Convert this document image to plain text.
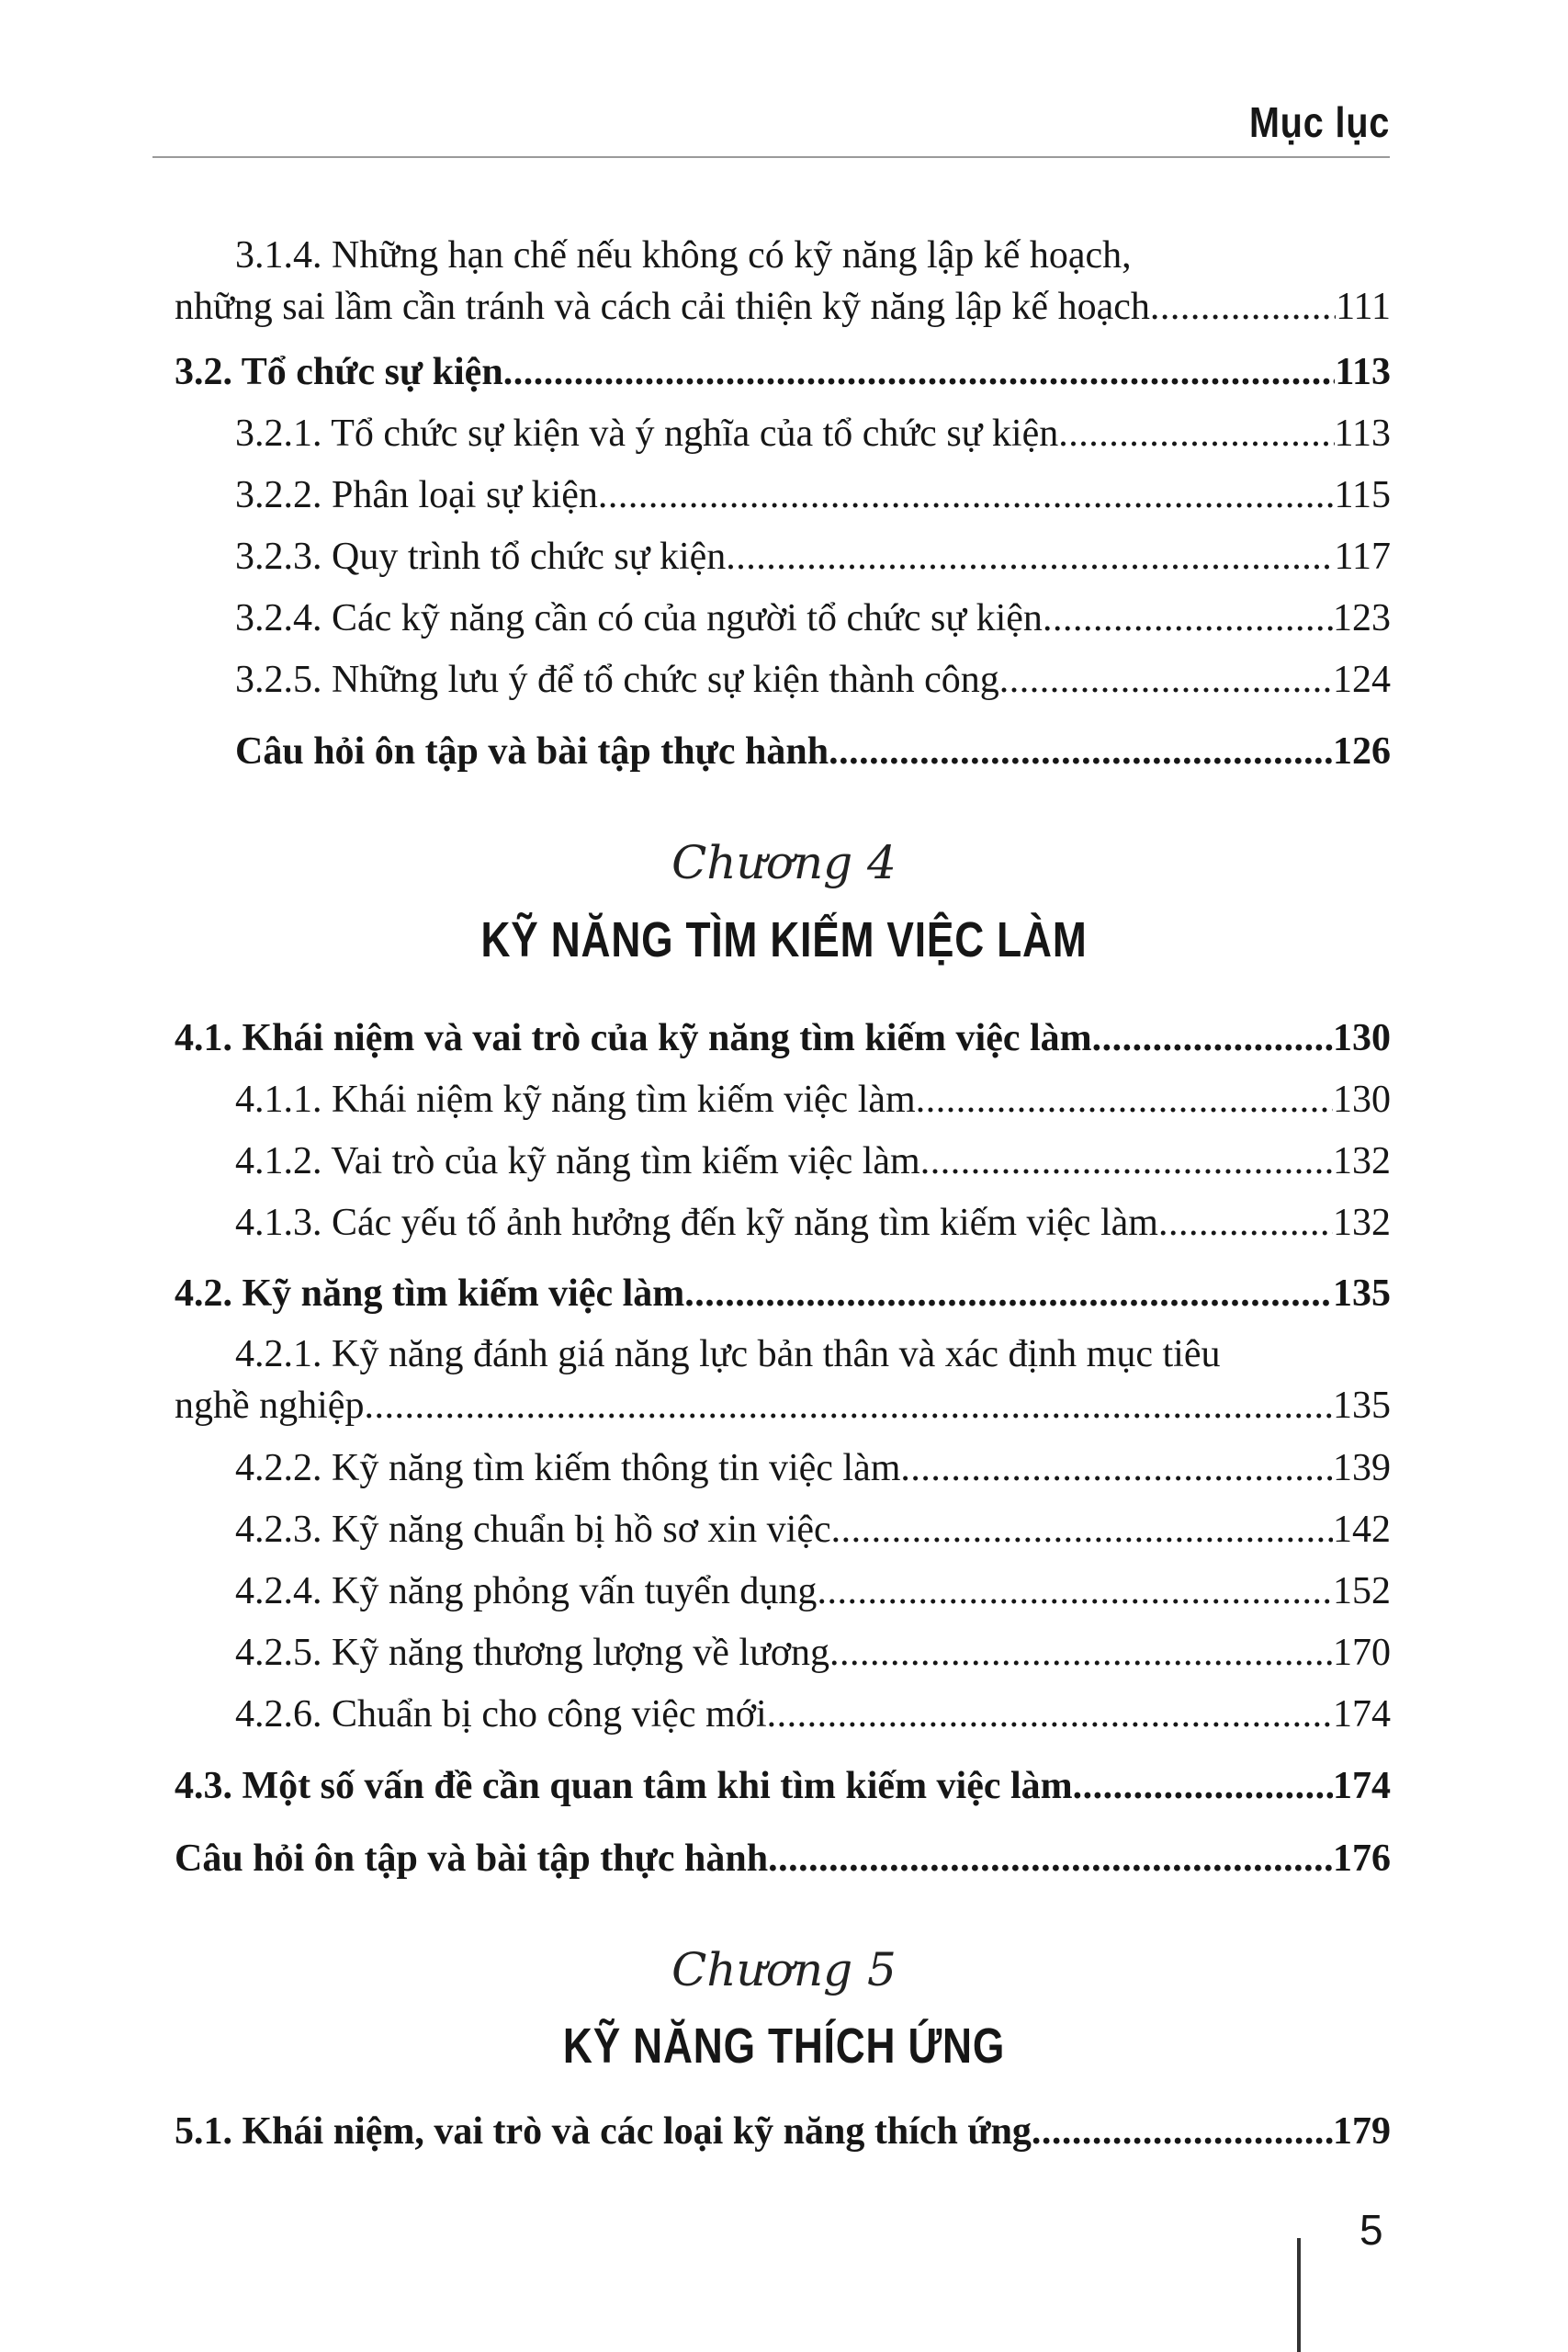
Mục lục
3.1.4. Những hạn chế nếu không có kỹ năng lập kế hoạch,
những sai lầm cần tránh và cách cải thiện kỹ năng lập kế hoạch .....	111
3.2. Tổ chức sự kiện .....	113
3.2.1. Tổ chức sự kiện và ý nghĩa của tổ chức sự kiện .....	113
3.2.2. Phân loại sự kiện .....	115
3.2.3. Quy trình tổ chức sự kiện .....	117
3.2.4. Các kỹ năng cần có của người tổ chức sự kiện .....	123
3.2.5. Những lưu ý để tổ chức sự kiện thành công .....	124
Câu hỏi ôn tập và bài tập thực hành .....	126
Chương 4
KỸ NĂNG TÌM KIẾM VIỆC LÀM
4.1. Khái niệm và vai trò của kỹ năng tìm kiếm việc làm .....	130
4.1.1. Khái niệm kỹ năng tìm kiếm việc làm .....	130
4.1.2. Vai trò của kỹ năng tìm kiếm việc làm .....	132
4.1.3. Các yếu tố ảnh hưởng đến kỹ năng tìm kiếm việc làm .....	132
4.2. Kỹ năng tìm kiếm việc làm .....	135
4.2.1. Kỹ năng đánh giá năng lực bản thân và xác định mục tiêu
nghề nghiệp .....	135
4.2.2. Kỹ năng tìm kiếm thông tin việc làm .....	139
4.2.3. Kỹ năng chuẩn bị hồ sơ xin việc .....	142
4.2.4. Kỹ năng phỏng vấn tuyển dụng .....	152
4.2.5. Kỹ năng thương lượng về lương .....	170
4.2.6. Chuẩn bị cho công việc mới .....	174
4.3. Một số vấn đề cần quan tâm khi tìm kiếm việc làm .....	174
Câu hỏi ôn tập và bài tập thực hành .....	176
Chương 5
KỸ NĂNG THÍCH ỨNG
5.1. Khái niệm, vai trò và các loại kỹ năng thích ứng .....	179
5
